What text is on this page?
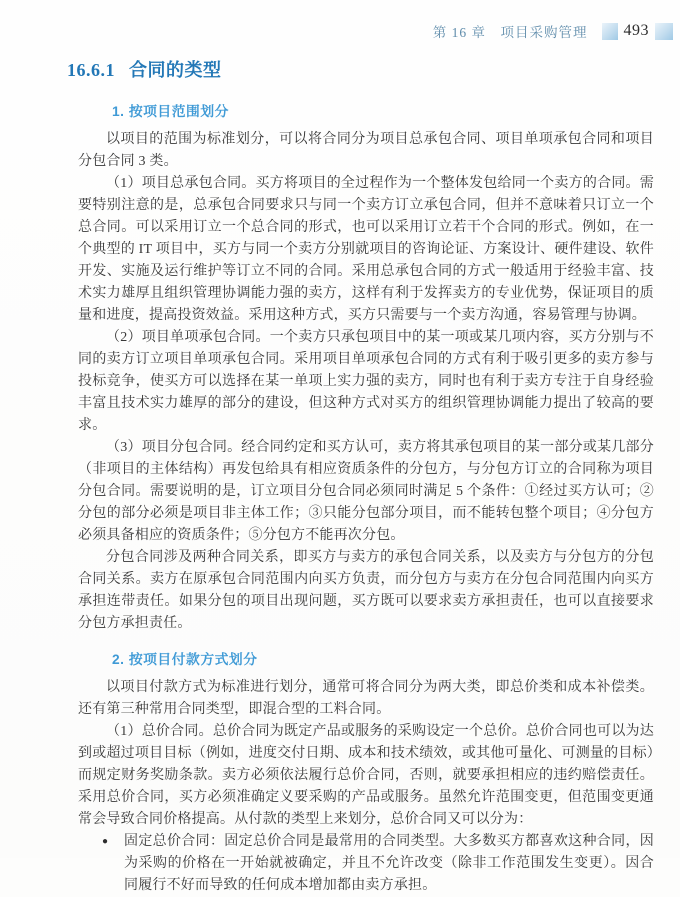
第 16 章　项目采购管理 493
16.6.1 合同的类型
1. 按项目范围划分

以项目的范围为标准划分，可以将合同分为项目总承包合同、项目单项承包合同和项目分包合同 3 类。

（1）项目总承包合同。买方将项目的全过程作为一个整体发包给同一个卖方的合同。需要特别注意的是，总承包合同要求只与同一个卖方订立承包合同，但并不意味着只订立一个总合同。可以采用订立一个总合同的形式，也可以采用订立若干个合同的形式。例如，在一个典型的 IT 项目中，买方与同一个卖方分别就项目的咨询论证、方案设计、硬件建设、软件开发、实施及运行维护等订立不同的合同。采用总承包合同的方式一般适用于经验丰富、技术实力雄厚且组织管理协调能力强的卖方，这样有利于发挥卖方的专业优势，保证项目的质量和进度，提高投资效益。采用这种方式，买方只需要与一个卖方沟通，容易管理与协调。

（2）项目单项承包合同。一个卖方只承包项目中的某一项或某几项内容，买方分别与不同的卖方订立项目单项承包合同。采用项目单项承包合同的方式有利于吸引更多的卖方参与投标竞争，使买方可以选择在某一单项上实力强的卖方，同时也有利于卖方专注于自身经验丰富且技术实力雄厚的部分的建设，但这种方式对买方的组织管理协调能力提出了较高的要求。

（3）项目分包合同。经合同约定和买方认可，卖方将其承包项目的某一部分或某几部分（非项目的主体结构）再发包给具有相应资质条件的分包方，与分包方订立的合同称为项目分包合同。需要说明的是，订立项目分包合同必须同时满足 5 个条件：①经过买方认可；②分包的部分必须是项目非主体工作；③只能分包部分项目，而不能转包整个项目；④分包方必须具备相应的资质条件；⑤分包方不能再次分包。

分包合同涉及两种合同关系，即买方与卖方的承包合同关系，以及卖方与分包方的分包合同关系。卖方在原承包合同范围内向买方负责，而分包方与卖方在分包合同范围内向买方承担连带责任。如果分包的项目出现问题，买方既可以要求卖方承担责任，也可以直接要求分包方承担责任。

2. 按项目付款方式划分

以项目付款方式为标准进行划分，通常可将合同分为两大类，即总价类和成本补偿类。还有第三种常用合同类型，即混合型的工料合同。

（1）总价合同。总价合同为既定产品或服务的采购设定一个总价。总价合同也可以为达到或超过项目目标（例如，进度交付日期、成本和技术绩效，或其他可量化、可测量的目标）而规定财务奖励条款。卖方必须依法履行总价合同，否则，就要承担相应的违约赔偿责任。采用总价合同，买方必须准确定义要采购的产品或服务。虽然允许范围变更，但范围变更通常会导致合同价格提高。从付款的类型上来划分，总价合同又可以分为：

●	固定总价合同：固定总价合同是最常用的合同类型。大多数买方都喜欢这种合同，因为采购的价格在一开始就被确定，并且不允许改变（除非工作范围发生变更）。因合同履行不好而导致的任何成本增加都由卖方承担。
